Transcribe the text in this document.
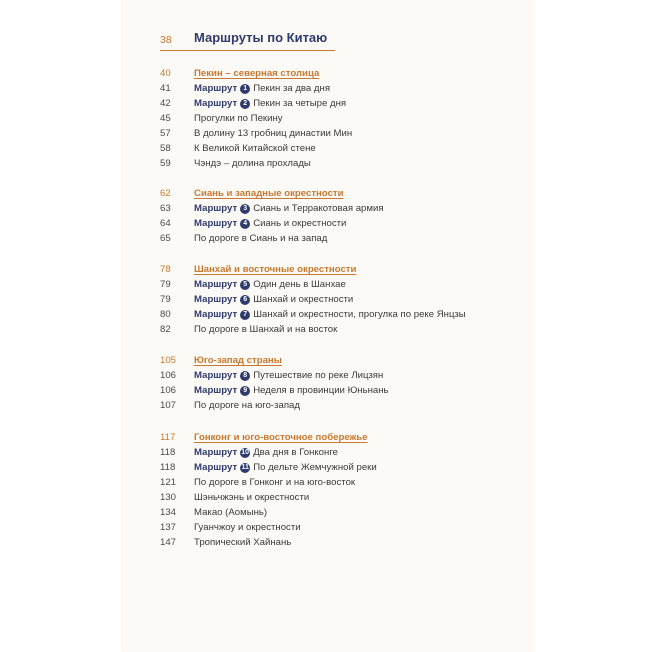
38	Маршруты по Китаю
40	Пекин – северная столица
41	Маршрут 1 Пекин за два дня
42	Маршрут 2 Пекин за четыре дня
45	Прогулки по Пекину
57	В долину 13 гробниц династии Мин
58	К Великой Китайской стене
59	Чэндэ – долина прохлады
62	Сиань и западные окрестности
63	Маршрут 3 Сиань и Терракотовая армия
64	Маршрут 4 Сиань и окрестности
65	По дороге в Сиань и на запад
78	Шанхай и восточные окрестности
79	Маршрут 5 Один день в Шанхае
79	Маршрут 6 Шанхай и окрестности
80	Маршрут 7 Шанхай и окрестности, прогулка по реке Янцзы
82	По дороге в Шанхай и на восток
105	Юго-запад страны
106	Маршрут 8 Путешествие по реке Лицзян
106	Маршрут 9 Неделя в провинции Юньнань
107	По дороге на юго-запад
117	Гонконг и юго-восточное побережье
118	Маршрут 10 Два дня в Гонконге
118	Маршрут 11 По дельте Жемчужной реки
121	По дороге в Гонконг и на юго-восток
130	Шэньчжэнь и окрестности
134	Макао (Аомынь)
137	Гуанчжоу и окрестности
147	Тропический Хайнань
